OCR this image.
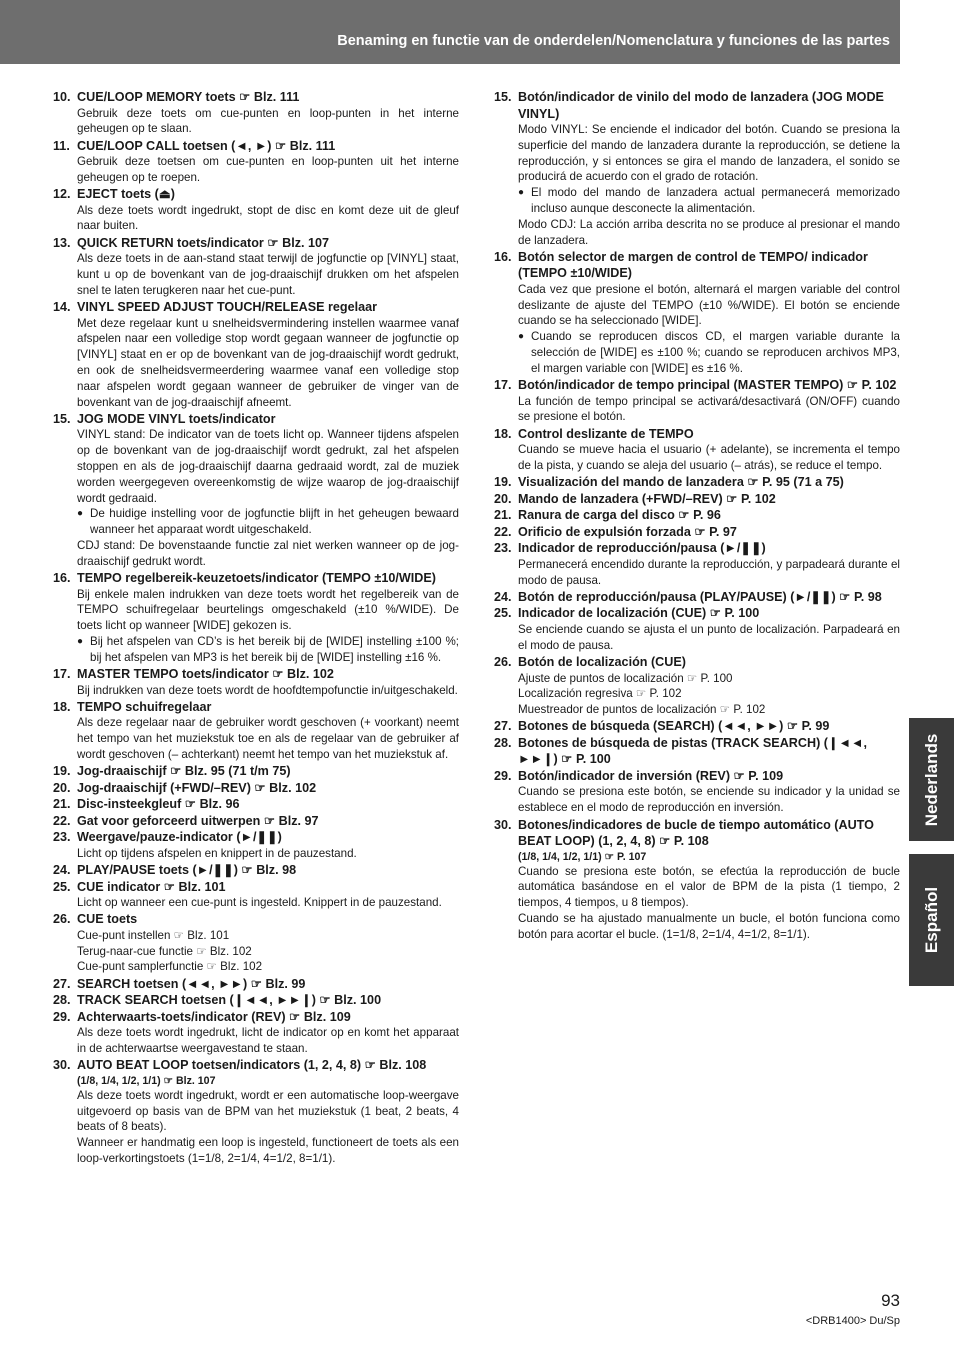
Benaming en functie van de onderdelen/Nomenclatura y funciones de las partes
10. CUE/LOOP MEMORY toets ☞ Blz. 111

Gebruik deze toets om cue-punten en loop-punten in het interne geheugen op te slaan.

11. CUE/LOOP CALL toetsen (◄, ►) ☞ Blz. 111

Gebruik deze toetsen om cue-punten en loop-punten uit het interne geheugen op te roepen.

12. EJECT toets (⏏)

Als deze toets wordt ingedrukt, stopt de disc en komt deze uit de gleuf naar buiten.

13. QUICK RETURN toets/indicator ☞ Blz. 107

Als deze toets in de aan-stand staat terwijl de jogfunctie op [VINYL] staat, kunt u op de bovenkant van de jog-draaischijf drukken om het afspelen snel te laten terugkeren naar het cue-punt.

14. VINYL SPEED ADJUST TOUCH/RELEASE regelaar

Met deze regelaar kunt u snelheidsvermindering instellen waarmee vanaf afspelen naar een volledige stop wordt gegaan wanneer de jogfunctie op [VINYL] staat en er op de bovenkant van de jog-draaischijf wordt gedrukt, en ook de snelheidsvermeerdering waarmee vanaf een volledige stop naar afspelen wordt gegaan wanneer de gebruiker de vinger van de bovenkant van de jog-draaischijf afneemt.

15. JOG MODE VINYL toets/indicator

VINYL stand: De indicator van de toets licht op. Wanneer tijdens afspelen op de bovenkant van de jog-draaischijf wordt gedrukt, zal het afspelen stoppen en als de jog-draaischijf daarna gedraaid wordt, zal de muziek worden weergegeven overeenkomstig de wijze waarop de jog-draaischijf wordt gedraaid.

● De huidige instelling voor de jogfunctie blijft in het geheugen bewaard wanneer het apparaat wordt uitgeschakeld.

CDJ stand: De bovenstaande functie zal niet werken wanneer op de jog-draaischijf gedrukt wordt.

16. TEMPO regelbereik-keuzetoets/indicator (TEMPO ±10/WIDE)

Bij enkele malen indrukken van deze toets wordt het regelbereik van de TEMPO schuifregelaar beurtelings omgeschakeld (±10 %/WIDE). De toets licht op wanneer [WIDE] gekozen is.

● Bij het afspelen van CD’s is het bereik bij de [WIDE] instelling ±100 %; bij het afspelen van MP3 is het bereik bij de [WIDE] instelling ±16 %.

17. MASTER TEMPO toets/indicator ☞ Blz. 102

Bij indrukken van deze toets wordt de hoofdtempofunctie in/uitgeschakeld.

18. TEMPO schuifregelaar

Als deze regelaar naar de gebruiker wordt geschoven (+ voorkant) neemt het tempo van het muziekstuk toe en als de regelaar van de gebruiker af wordt geschoven (– achterkant) neemt het tempo van het muziekstuk af.

19. Jog-draaischijf ☞ Blz. 95 (71 t/m 75)
20. Jog-draaischijf (+FWD/–REV) ☞ Blz. 102
21. Disc-insteekgleuf ☞ Blz. 96
22. Gat voor geforceerd uitwerpen ☞ Blz. 97
23. Weergave/pauze-indicator (►/❚❚)

Licht op tijdens afspelen en knippert in de pauzestand.

24. PLAY/PAUSE toets (►/❚❚) ☞ Blz. 98
25. CUE indicator ☞ Blz. 101

Licht op wanneer een cue-punt is ingesteld. Knippert in de pauzestand.

26. CUE toets

Cue-punt instellen ☞ Blz. 101

Terug-naar-cue functie ☞ Blz. 102

Cue-punt samplerfunctie ☞ Blz. 102

27. SEARCH toetsen (◄◄, ►►) ☞ Blz. 99
28. TRACK SEARCH toetsen (❙◄◄, ►►❙) ☞ Blz. 100
29. Achterwaarts-toets/indicator (REV) ☞ Blz. 109

Als deze toets wordt ingedrukt, licht de indicator op en komt het apparaat in de achterwaartse weergavestand te staan.

30. AUTO BEAT LOOP toetsen/indicators (1, 2, 4, 8) ☞ Blz. 108
(1/8, 1/4, 1/2, 1/1) ☞ Blz. 107

Als deze toets wordt ingedrukt, wordt er een automatische loop-weergave uitgevoerd op basis van de BPM van het muziekstuk (1 beat, 2 beats, 4 beats of 8 beats).

Wanneer er handmatig een loop is ingesteld, functioneert de toets als een loop-verkortingstoets (1=1/8, 2=1/4, 4=1/2, 8=1/1).

15. Botón/indicador de vinilo del modo de lanzadera (JOG MODE VINYL)

Modo VINYL: Se enciende el indicador del botón. Cuando se presiona la superficie del mando de lanzadera durante la reproducción, se detiene la reproducción, y si entonces se gira el mando de lanzadera, el sonido se producirá de acuerdo con el grado de rotación.

● El modo del mando de lanzadera actual permanecerá memorizado incluso aunque desconecte la alimentación.

Modo CDJ: La acción arriba descrita no se produce al presionar el mando de lanzadera.

16. Botón selector de margen de control de TEMPO/ indicador (TEMPO ±10/WIDE)

Cada vez que presione el botón, alternará el margen variable del control deslizante de ajuste del TEMPO (±10 %/WIDE). El botón se enciende cuando se ha seleccionado [WIDE].

● Cuando se reproducen discos CD, el margen variable durante la selección de [WIDE] es ±100 %; cuando se reproducen archivos MP3, el margen variable con [WIDE] es ±16 %.

17. Botón/indicador de tempo principal (MASTER TEMPO) ☞ P. 102

La función de tempo principal se activará/desactivará (ON/OFF) cuando se presione el botón.

18. Control deslizante de TEMPO

Cuando se mueve hacia el usuario (+ adelante), se incrementa el tempo de la pista, y cuando se aleja del usuario (– atrás), se reduce el tempo.

19. Visualización del mando de lanzadera ☞ P. 95 (71 a 75)
20. Mando de lanzadera (+FWD/–REV) ☞ P. 102
21. Ranura de carga del disco ☞ P. 96
22. Orificio de expulsión forzada ☞ P. 97
23. Indicador de reproducción/pausa (►/❚❚)

Permanecerá encendido durante la reproducción, y parpadeará durante el modo de pausa.

24. Botón de reproducción/pausa (PLAY/PAUSE) (►/❚❚) ☞ P. 98
25. Indicador de localización (CUE) ☞ P. 100

Se enciende cuando se ajusta el un punto de localización. Parpadeará en el modo de pausa.

26. Botón de localización (CUE)

Ajuste de puntos de localización ☞ P. 100

Localización regresiva ☞ P. 102

Muestreador de puntos de localización ☞ P. 102

27. Botones de búsqueda (SEARCH) (◄◄, ►►) ☞ P. 99
28. Botones de búsqueda de pistas (TRACK SEARCH) (❙◄◄, ►►❙) ☞ P. 100
29. Botón/indicador de inversión (REV) ☞ P. 109

Cuando se presiona este botón, se enciende su indicador y la unidad se establece en el modo de reproducción en inversión.

30. Botones/indicadores de bucle de tiempo automático (AUTO BEAT LOOP) (1, 2, 4, 8) ☞ P. 108
(1/8, 1/4, 1/2, 1/1) ☞ P. 107

Cuando se presiona este botón, se efectúa la reproducción de bucle automática basándose en el valor de BPM de la pista (1 tiempo, 2 tiempos, 4 tiempos, u 8 tiempos).

Cuando se ha ajustado manualmente un bucle, el botón funciona como botón para acortar el bucle. (1=1/8, 2=1/4, 4=1/2, 8=1/1).

Nederlands
Español
93
<DRB1400> Du/Sp
